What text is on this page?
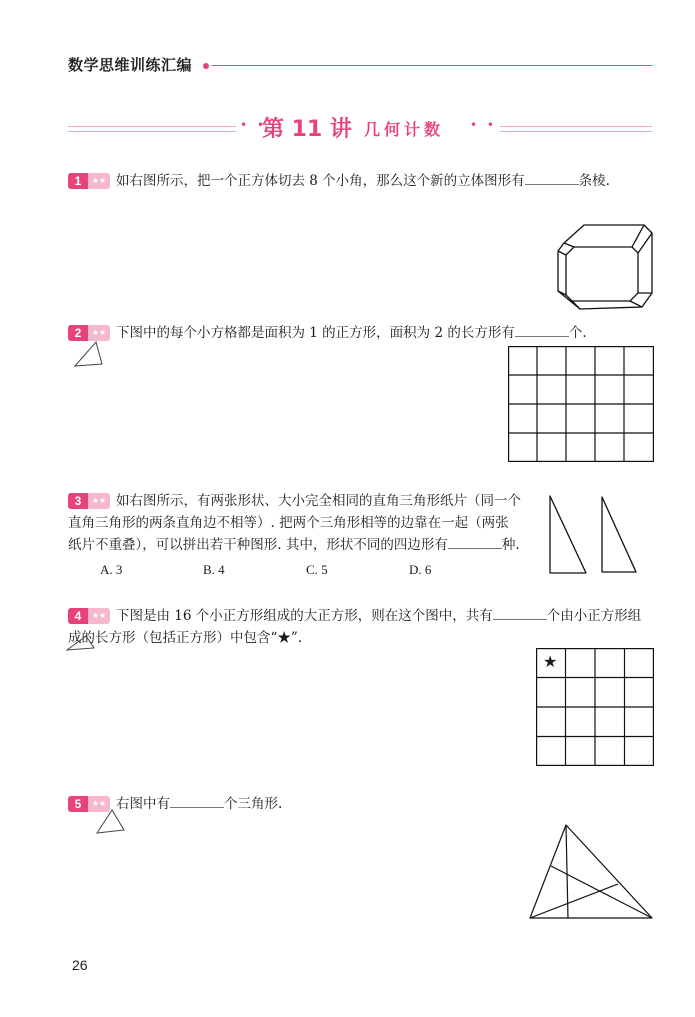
数学思维训练汇编
• •
第 11 讲 几何计数 • •
1	★★ 如右图所示，把一个正方体切去 8 个小角，那么这个新的立体图形有	条棱.
2	★★ 下图中的每个小方格都是面积为 1 的正方形，面积为 2 的长方形有	个.
3	★★ 如右图所示，有两张形状、大小完全相同的直角三角形纸片（同一个
直角三角形的两条直角边不相等）. 把两个三角形相等的边靠在一起（两张
纸片不重叠），可以拼出若干种图形. 其中，形状不同的四边形有	种.
A. 3	B. 4	C. 5	D. 6
4	★★ 下图是由 16 个小正方形组成的大正方形，则在这个图中，共有	个由小正方形组
成的长方形（包括正方形）中包含“★”.
★
5	★★ 右图中有	个三角形.
26
